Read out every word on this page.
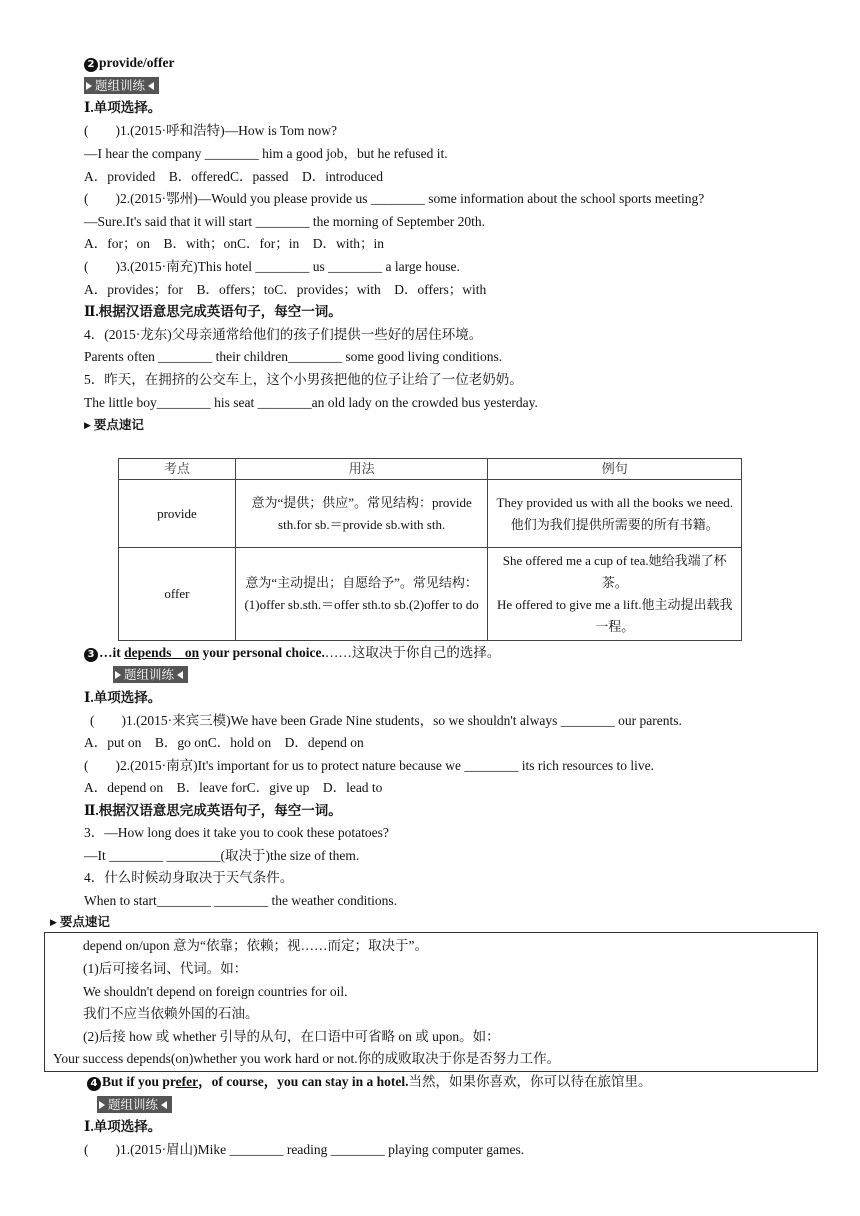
2 provide/offer
题组训练
Ⅰ.单项选择。
(　　)1.(2015·呼和浩特)—How is Tom now?
—I hear the company ________ him a good job，but he refused it.
A．provided　B．offeredC．passed　D．introduced
(　　)2.(2015·鄂州)—Would you please provide us ________ some information about the school sports meeting?
—Sure.It's said that it will start ________ the morning of September 20th.
A．for；on　B．with；onC．for；in　D．with；in
(　　)3.(2015·南充)This hotel ________ us ________ a large house.
A．provides；for　B．offers；toC．provides；with　D．offers；with
Ⅱ.根据汉语意思完成英语句子，每空一词。
4．(2015·龙东)父母亲通常给他们的孩子们提供一些好的居住环境。
Parents often ________ their children________ some good living conditions.
5．昨天，在拥挤的公交车上，这个小男孩把他的位子让给了一位老奶奶。
The little boy________ his seat ________an old lady on the crowded bus yesterday.
▶ 要点速记
考点	用法	例句
provide	意为“提供；供应”。常见结构：provide sth.for sb.＝provide sb.with sth.	They provided us with all the books we need.他们为我们提供所需要的所有书籍。
offer	意为“主动提出；自愿给予”。常见结构：(1)offer sb.sth.＝offer sth.to sb.(2)offer to do	She offered me a cup of tea.她给我端了杯茶。
He offered to give me a lift.他主动提出载我一程。
3 …it depends　 on your personal choice.……这取决于你自己的选择。
题组训练
Ⅰ.单项选择。
(　　)1.(2015·来宾三模)We have been Grade Nine students，so we shouldn't always ________ our parents.
A．put on　B．go onC．hold on　D．depend on
(　　)2.(2015·南京)It's important for us to protect nature because we ________ its rich resources to live.
A．depend on　B．leave forC．give up　D．lead to
Ⅱ.根据汉语意思完成英语句子，每空一词。
3．—How long does it take you to cook these potatoes?
—It ________ ________(取决于)the size of them.
4．什么时候动身取决于天气条件。
When to start________ ________ the weather conditions.
▶ 要点速记
depend on/upon 意为“依靠；依赖；视……而定；取决于”。
(1)后可接名词、代词。如：
We shouldn't depend on foreign countries for oil.
我们不应当依赖外国的石油。
(2)后接 how 或 whether 引导的从句，在口语中可省略 on 或 upon。如：
Your success depends(on)whether you work hard or not.你的成败取决于你是否努力工作。
4 But if you prefer，of course，you can stay in a hotel.当然，如果你喜欢，你可以待在旅馆里。
题组训练
Ⅰ.单项选择。
(　　)1.(2015·眉山)Mike ________ reading ________ playing computer games.
